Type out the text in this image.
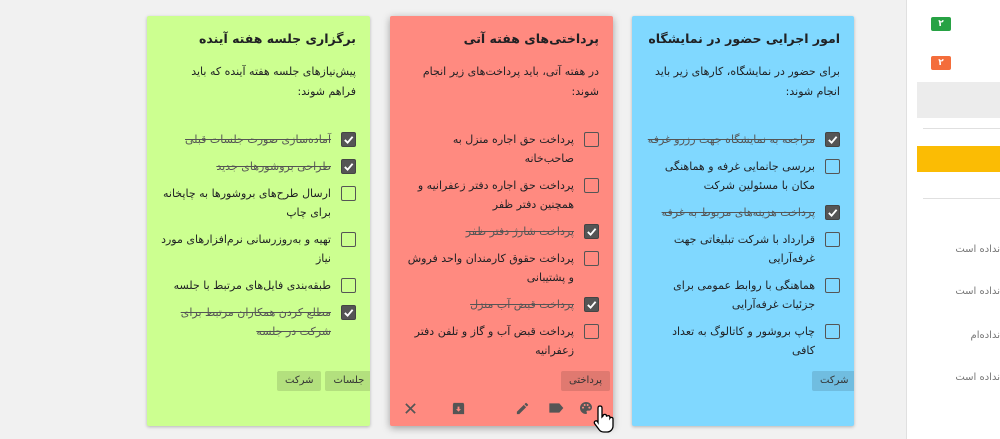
امور اجرایی حضور در نمایشگاه
برای حضور در نمایشگاه، کارهای زیر باید انجام شوند:
مراجعه به نمایشگاه جهت رزرو غرفه
بررسی جانمایی غرفه و هماهنگی مکان با مسئولین شرکت
پرداخت هزینه‌های مربوط به غرفه
قرارداد با شرکت تبلیغاتی جهت غرفه‌آرایی
هماهنگی با روابط عمومی برای جزئیات غرفه‌آرایی
چاپ بروشور و کاتالوگ به تعداد کافی
شرکت
پرداختی‌های هفته آتی
در هفته آتی، باید پرداخت‌های زیر انجام شوند:
پرداخت حق اجاره منزل به صاحب‌خانه
پرداخت حق اجاره دفتر زعفرانیه و همچنین دفتر ظفر
پرداخت شارژ دفتر ظفر
پرداخت حقوق کارمندان واحد فروش و پشتیبانی
پرداخت قبض آب منزل
پرداخت قبض آب و گاز و تلفن دفتر زعفرانیه
پرداختی
برگزاری جلسه هفته آینده
پیش‌نیازهای جلسه هفته آینده که باید فراهم شوند:
آماده‌سازی صورت جلسات قبلی
طراحی بروشورهای جدید
ارسال طرح‌های بروشورها به چاپخانه برای چاپ
تهیه و به‌روزرسانی نرم‌افزارهای مورد نیاز
طبقه‌بندی فایل‌های مرتبط با جلسه
مطلع کردن همکاران مرتبط برای شرکت در جلسه
جلسات
شرکت
۲
۲
نداده است
نداده است
نداده‌ام
نداده است
